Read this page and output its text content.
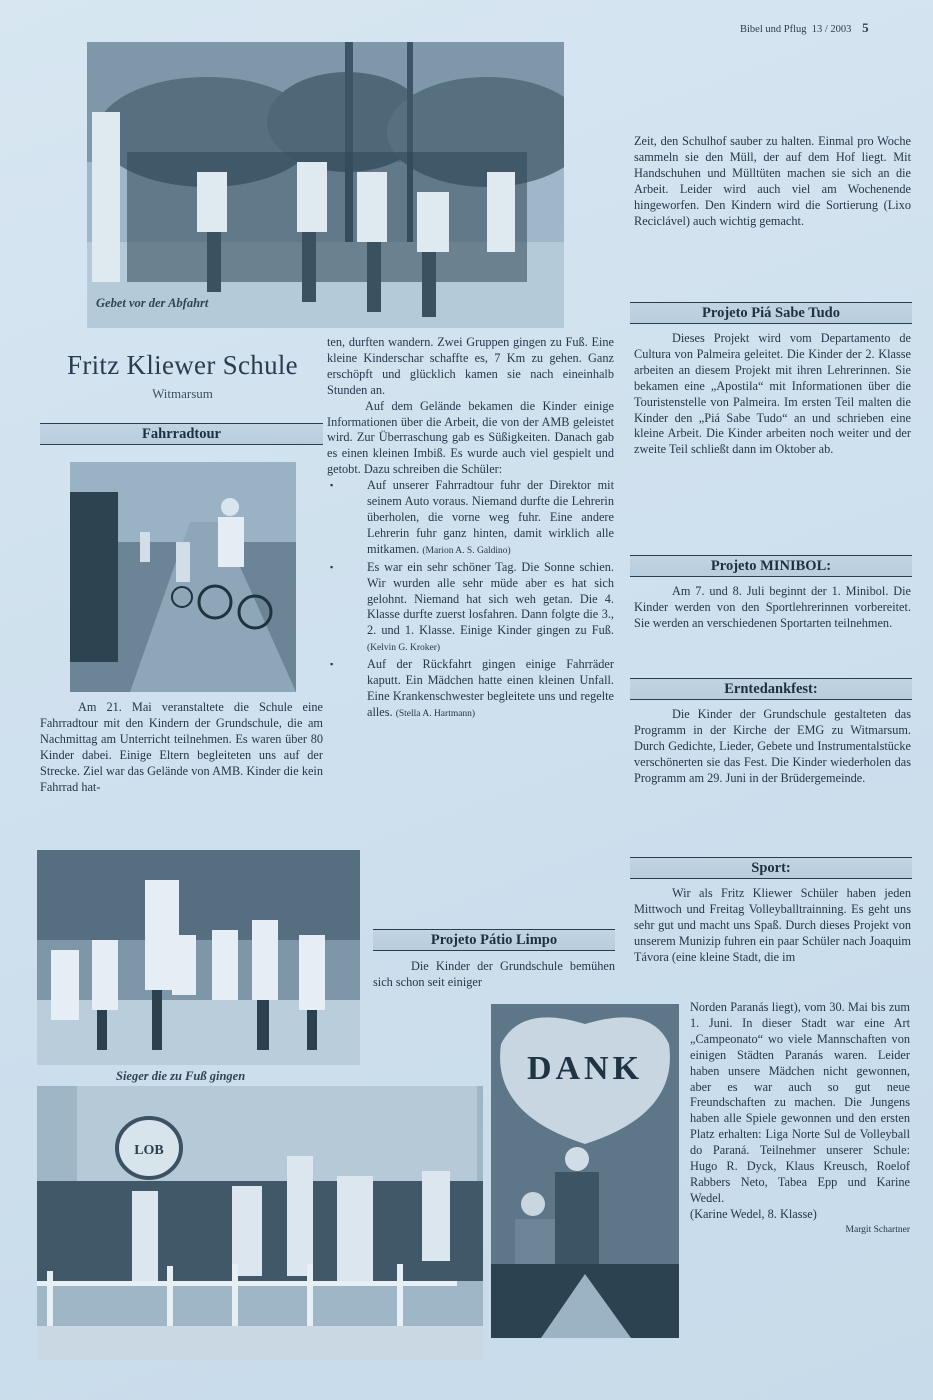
Bibel und Pflug 13 / 2003 5
Gebet vor der Abfahrt
Fritz Kliewer Schule
Witmarsum
Fahrradtour

Am 21. Mai veranstaltete die Schule eine Fahrradtour mit den Kindern der Grundschule, die am Nachmittag am Unterricht teilnehmen. Es waren über 80 Kinder dabei. Einige Eltern begleiteten uns auf der Strecke. Ziel war das Gelände von AMB. Kinder die kein Fahrrad hat-

Sieger die zu Fuß gingen
LOB

ten, durften wandern. Zwei Gruppen gingen zu Fuß. Eine kleine Kinderschar schaffte es, 7 Km zu gehen. Ganz erschöpft und glücklich kamen sie nach eineinhalb Stunden an.

Auf dem Gelände bekamen die Kinder einige Informationen über die Arbeit, die von der AMB geleistet wird. Zur Überraschung gab es Süßigkeiten. Danach gab es einen kleinen Imbiß. Es wurde auch viel gespielt und getobt. Dazu schreiben die Schüler:

▪ Auf unserer Fahrradtour fuhr der Direktor mit seinem Auto voraus. Niemand durfte die Lehrerin überholen, die vorne weg fuhr. Eine andere Lehrerin fuhr ganz hinten, damit wirklich alle mitkamen. (Marion A. S. Galdino)
▪ Es war ein sehr schöner Tag. Die Sonne schien. Wir wurden alle sehr müde aber es hat sich gelohnt. Niemand hat sich weh getan. Die 4. Klasse durfte zuerst losfahren. Dann folgte die 3., 2. und 1. Klasse. Einige Kinder gingen zu Fuß. (Kelvin G. Kroker)
▪ Auf der Rückfahrt gingen einige Fahrräder kaputt. Ein Mädchen hatte einen kleinen Unfall. Eine Krankenschwester begleitete uns und regelte alles. (Stella A. Hartmann)
Projeto Pátio Limpo

Die Kinder der Grundschule bemühen sich schon seit einiger

DANK

Zeit, den Schulhof sauber zu halten. Einmal pro Woche sammeln sie den Müll, der auf dem Hof liegt. Mit Handschuhen und Mülltüten machen sie sich an die Arbeit. Leider wird auch viel am Wochenende hingeworfen. Den Kindern wird die Sortierung (Lixo Reciclável) auch wichtig gemacht.

Projeto Piá Sabe Tudo

Dieses Projekt wird vom Departamento de Cultura von Palmeira geleitet. Die Kinder der 2. Klasse arbeiten an diesem Projekt mit ihren Lehrerinnen. Sie bekamen eine „Apostila“ mit Informationen über die Touristenstelle von Palmeira. Im ersten Teil malten die Kinder den „Piá Sabe Tudo“ an und schrieben eine kleine Arbeit. Die Kinder arbeiten noch weiter und der zweite Teil schließt dann im Oktober ab.

Projeto MINIBOL:

Am 7. und 8. Juli beginnt der 1. Minibol. Die Kinder werden von den Sportlehrerinnen vorbereitet. Sie werden an verschiedenen Sportarten teilnehmen.

Erntedankfest:

Die Kinder der Grundschule gestalteten das Programm in der Kirche der EMG zu Witmarsum. Durch Gedichte, Lieder, Gebete und Instrumentalstücke verschönerten sie das Fest. Die Kinder wiederholen das Programm am 29. Juni in der Brüdergemeinde.

Sport:

Wir als Fritz Kliewer Schüler haben jeden Mittwoch und Freitag Volleyballtrainning. Es geht uns sehr gut und macht uns Spaß. Durch dieses Projekt von unserem Munizip fuhren ein paar Schüler nach Joaquim Távora (eine kleine Stadt, die im

Norden Paranás liegt), vom 30. Mai bis zum 1. Juni. In dieser Stadt war eine Art „Campeonato“ wo viele Mannschaften von einigen Städten Paranás waren. Leider haben unsere Mädchen nicht gewonnen, aber es war auch so gut neue Freundschaften zu machen. Die Jungens haben alle Spiele gewonnen und den ersten Platz erhalten: Liga Norte Sul de Volleyball do Paraná. Teilnehmer unserer Schule: Hugo R. Dyck, Klaus Kreusch, Roelof Rabbers Neto, Tabea Epp und Karine Wedel.

(Karine Wedel, 8. Klasse)

Margit Schartner
